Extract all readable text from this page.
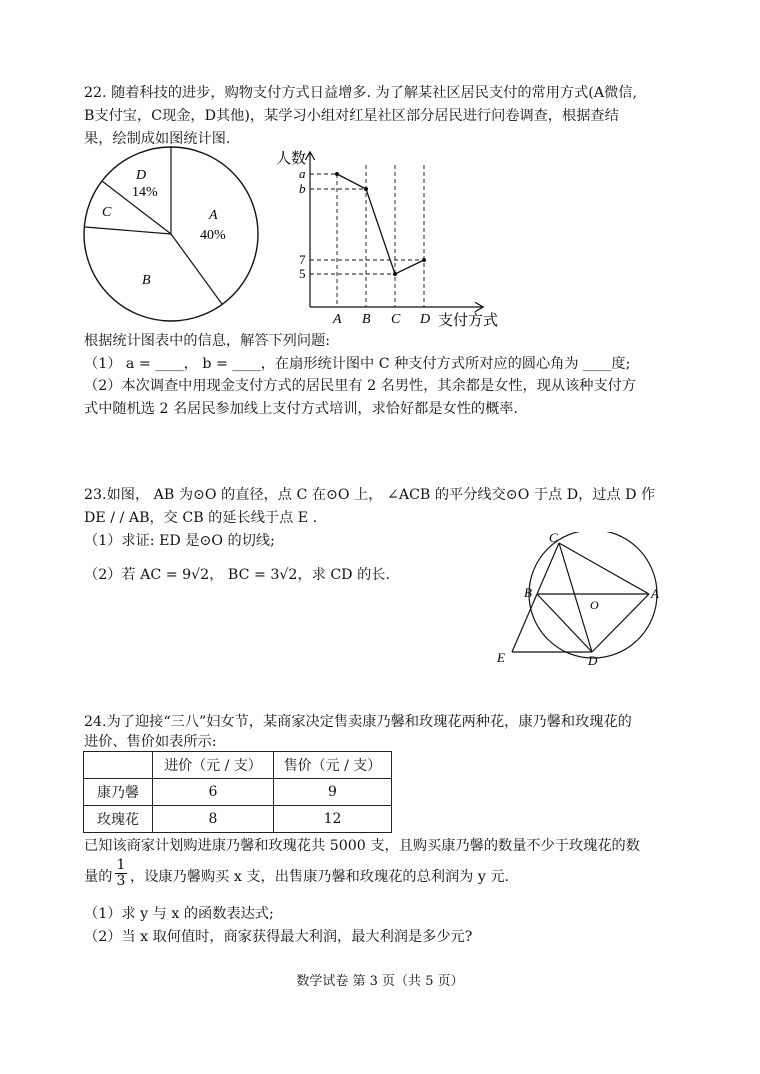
22. 随着科技的进步，购物支付方式日益增多. 为了解某社区居民支付的常用方式(A微信,
B支付宝，C现金，D其他)，某学习小组对红星社区部分居民进行问卷调查，根据查结
果，绘制成如图统计图.
D
14%
C	A
40%
B
人数
支付方式
a
b
7
5
A B C D
根据统计图表中的信息，解答下列问题:
（1） a = ____， b = ____，在扇形统计图中 C 种支付方式所对应的圆心角为 ____度;
（2）本次调查中用现金支付方式的居民里有 2 名男性，其余都是女性，现从该种支付方
式中随机选 2 名居民参加线上支付方式培训，求恰好都是女性的概率.
23.如图， AB 为⊙O 的直径，点 C 在⊙O 上， ∠ACB 的平分线交⊙O 于点 D，过点 D 作
DE / / AB，交 CB 的延长线于点 E .
（1）求证: ED 是⊙O 的切线;
（2）若 AC = 9√2， BC = 3√2，求 CD 的长.
C
B
O
A
E	D
24.为了迎接“三八”妇女节，某商家决定售卖康乃馨和玫瑰花两种花，康乃馨和玫瑰花的
进价、售价如表所示:
	进价（元 / 支）	售价（元 / 支）
康乃馨	6	9
玫瑰花	8	12
已知该商家计划购进康乃馨和玫瑰花共 5000 支，且购买康乃馨的数量不少于玫瑰花的数
量的 $\frac{1}{3}$ ，设康乃馨购买 x 支，出售康乃馨和玫瑰花的总利润为 y 元.
（1）求 y 与 x 的函数表达式;
（2）当 x 取何值时，商家获得最大利润，最大利润是多少元?
数学试卷 第 3 页（共 5 页）
